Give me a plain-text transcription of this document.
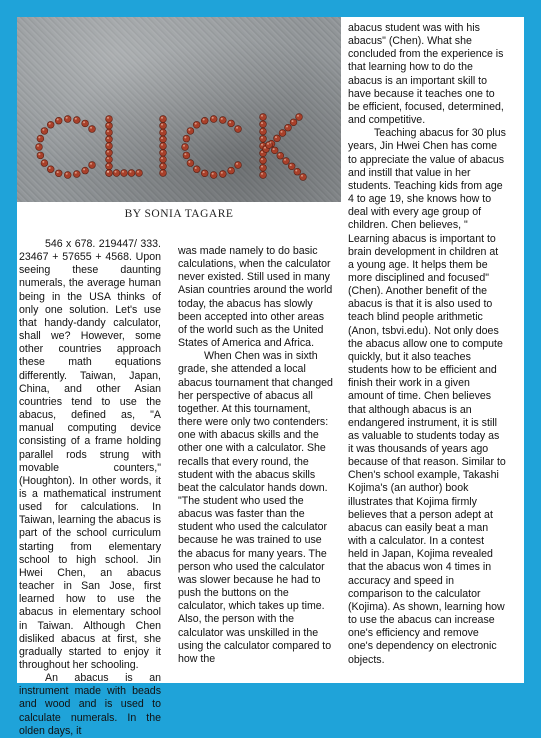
BY SONIA TAGARE

546 x 678. 219447/ 333. 23467 + 57655 + 4568. Upon seeing these daunting numerals, the average human being in the USA thinks of only one solution. Let's use that handy-dandy calculator, shall we? However, some other countries approach these math equations differently. Taiwan, Japan, China, and other Asian countries tend to use the abacus, defined as, "A manual computing device consisting of a frame holding parallel rods strung with movable counters," (Houghton). In other words, it is a mathematical instrument used for calculations. In Taiwan, learning the abacus is part of the school curriculum starting from elementary school to high school. Jin Hwei Chen, an abacus teacher in San Jose, first learned how to use the abacus in elementary school in Taiwan. Although Chen disliked abacus at first, she gradually started to enjoy it throughout her schooling.

An abacus is an instrument made with beads and wood and is used to calculate numerals. In the olden days, it

was made namely to do basic calculations, when the calculator never existed. Still used in many Asian countries around the world today, the abacus has slowly been accepted into other areas of the world such as the United States of America and Africa.

When Chen was in sixth grade, she attended a local abacus tournament that changed her perspective of abacus all together. At this tournament, there were only two contenders: one with abacus skills and the other one with a calculator. She recalls that every round, the student with the abacus skills beat the calculator hands down. "The student who used the abacus was faster than the student who used the calculator because he was trained to use the abacus for many years. The person who used the calculator was slower because he had to push the buttons on the calculator, which takes up time. Also, the person with the calculator was unskilled in the using the calculator compared to how the

abacus student was with his abacus" (Chen). What she concluded from the experience is that learning how to do the abacus is an important skill to have because it teaches one to be efficient, focused, determined, and competitive.

Teaching abacus for 30 plus years, Jin Hwei Chen has come to appreciate the value of abacus and instill that value in her students. Teaching kids from age 4 to age 19, she knows how to deal with every age group of children. Chen believes, " Learning abacus is important to brain development in children at a young age. It helps them be more disciplined and focused" (Chen). Another benefit of the abacus is that it is also used to teach blind people arithmetic (Anon, tsbvi.edu). Not only does the abacus allow one to compute quickly, but it also teaches students how to be efficient and finish their work in a given amount of time. Chen believes that although abacus is an endangered instrument, it is still as valuable to students today as it was thousands of years ago because of that reason. Similar to Chen's school example, Takashi Kojima's (an author) book illustrates that Kojima firmly believes that a person adept at abacus can easily beat a man with a calculator. In a contest held in Japan, Kojima revealed that the abacus won 4 times in accuracy and speed in comparison to the calculator (Kojima). As shown, learning how to use the abacus can increase one's efficiency and remove one's dependency on electronic objects.
